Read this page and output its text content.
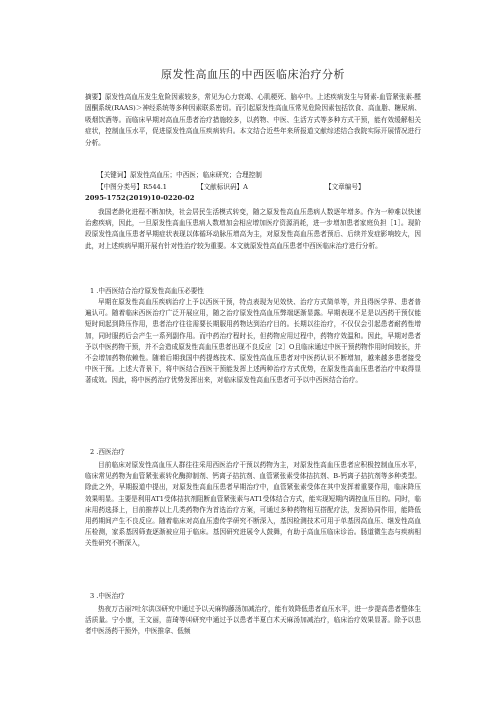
原发性高血压的中西医临床治疗分析
摘要】原发性高血压发生危险因素较多，常见为心力衰竭、心肌梗死、脑卒中。上述疾病发生与肾素-血管紧张素-醛固酮系统(RAAS)＞神经系统等多种因素联系密切。而引起原发性高血压常见危险因素包括饮食、高血脂、糖尿病、吸烟饮酒等。而临床早期对高血压患者治疗措施较多，以药物、中医、生活方式等多种方式干预，能有效缓解相关症状，控制血压水平，促进原发性高血压疾病转归。本文结合近些年来所报道文献综述结合我院实际开展情况进行分析。
【关键词】原发性高血压；中西医；临床研究；合理控制
【中图分类号】R544.1	【文献标识码】A	【文章编号】
2095-1752(2019)10-0220-02
我国老龄化进程不断加快，社会居民生活模式转变，随之原发性高血压患病人数逐年增多。作为一种难以快速治愈疾病，因此，一旦原发性高血压患病人数增加会相应增加医疗资源消耗，进一步增加患者家庭负担［1］。现阶段原发性高血压患者早期症状表现以体循环动脉压增高为主，对原发性高血压患者预后、后续并发症影响较大，因此，对上述疾病早期开展有针对性治疗较为重要。本文就原发性高血压患者中西医临床治疗进行分析。
1 .中西医结合治疗原发性高血压必要性
早期在原发性高血压疾病治疗上予以西医干预，特点表现为见效快、治疗方式简单等，并且得医学界、患者普遍认可。随着临床西医治疗广泛开展应用，随之治疗原发性高血压弊端逐渐显露。早期表现不足是以西药干预仅能短时间起到降压作用，患者治疗往往需要长期服用药物达到治疗目的。长期以往治疗，不仅仅会引起患者耐药性增加，同时服药后会产生一系列副作用。而中药治疗程时长，但药物应用过程中，药物疗效温和。因此，早期对患者予以中医药物干预，并不会造成原发性高血压患者出现不良反应［2］O且临床通过中医干预药物作用时间较长，并不会增加药物依赖性。随着后期我国中药提炼技术、原发性高血压患者对中医药认识不断增加，越来越多患者接受中医干预。上述大背景下，将中医结合西医干预能发挥上述两种治疗方式优势，在原发性高血压患者治疗中取得显著成效。因此，将中医药治疗优势发挥出来，对临床原发性高血压患者可予以中西医结合治疗。
2 .西医治疗
目前临床对原发性高血压人群往往采用西医治疗干预以药物为主，对原发性高血压患者应积极控制血压水平，临床常见药物为血管紧张素转化酶抑制剂、钙离子拮抗剂、血管紧张素受体拮抗剂、B-钙离子拮抗剂等多种类型。除此之外，早期报道中提出，对原发性高血压患者早期治疗中，血管紧张素受体在其中发挥着重要作用，临床降压效果明显。主要是利用AT1受体拮抗剂阻断血管紧张素与AT1受体结合方式，能实现短期内调控血压目的。同时，临床用药选择上，目前推荐以上几类药物作为首选治疗方案，可通过多种药物相互搭配疗法，发挥协同作用，能降低用药期间产生不良反应。随着临床对高血压遗传学研究不断深入，基因检测技术可用于单基因高血压、继发性高血压检测，家系基因筛查逐渐被应用于临床。基因研究进展令人鼓舞，有助于高血压临床诊治。肠道微生态与疾病相关性研究不断深入，
3 .中医治疗
热夜万古丽?吐尔洪⑶研究中通过予以天麻钩藤汤加减治疗，能有效降低患者血压水平，进一步提高患者整体生活质量。宁小康，王文丽，苗琦等⑷研究中通过予以患者半夏白术天麻汤加减治疗，临床治疗效果显著。除予以患者中医汤药干预外，中医推拿、低频
